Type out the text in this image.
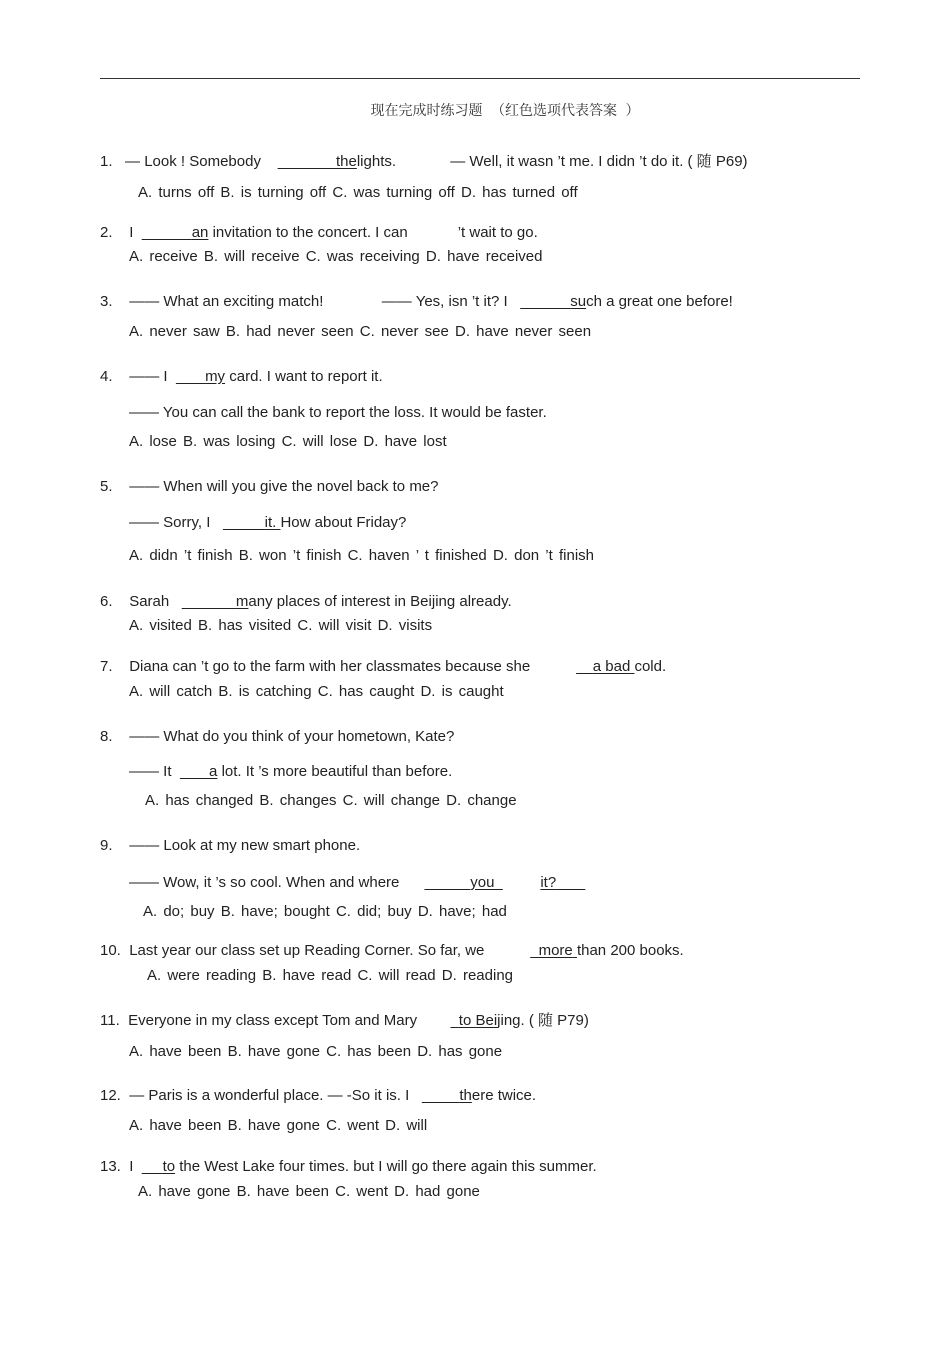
现在完成时练习题 （红色选项代表答案 ）
1. — Look ! Somebody	thelights.	— Well, it wasn ’t me. I didn ’t do it. ( 随 P69)
A. turns off B. is turning off C. was turning off D. has turned off
2. I	an invitation to the concert. I can	’t wait to go.
A. receive B. will receive C. was receiving D. have received
3. —— What an exciting match!	—— Yes, isn ’t it? I	such a great one before!
A. never saw B. had never seen C. never see D. have never seen
4. —— I	my card. I want to report it.
—— You can call the bank to report the loss. It would be faster.
A. lose B. was losing C. will lose D. have lost
5. —— When will you give the novel back to me?
—— Sorry, I	it. How about Friday?
A. didn ’t finish B. won ’t finish C. haven ’ t finished D. don ’t finish
6. Sarah	many places of interest in Beijing already.
A. visited B. has visited C. will visit D. visits
7. Diana can ’t go to the farm with her classmates because she	a bad cold.
A. will catch B. is catching C. has caught D. is caught
8. —— What do you think of your hometown, Kate?
—— It	a lot. It ’s more beautiful than before.
A. has changed B. changes C. will change D. change
9. —— Look at my new smart phone.
—— Wow, it ’s so cool. When and where	you	it?
A. do; buy B. have; bought C. did; buy D. have; had
10. Last year our class set up Reading Corner. So far, we	more than 200 books.
A. were reading B. have read C. will read D. reading
11. Everyone in my class except Tom and Mary	to Beijing. ( 随 P79)
A. have been B. have gone C. has been D. has gone
12. — Paris is a wonderful place. — -So it is. I	there twice.
A. have been B. have gone C. went D. will
13. I to the West Lake four times. but I will go there again this summer.
A. have gone B. have been C. went D. had gone
